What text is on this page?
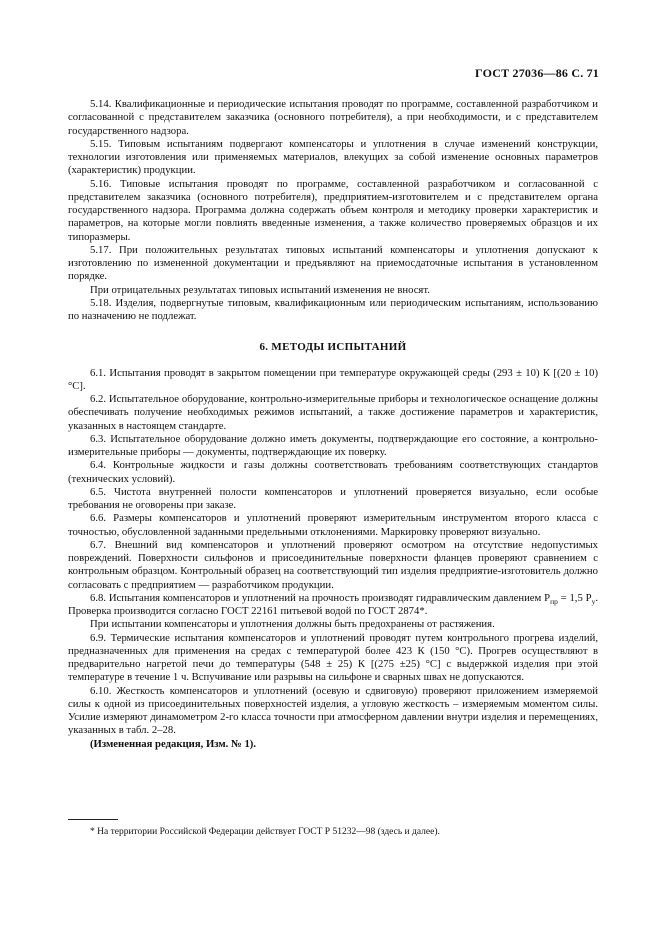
ГОСТ 27036—86 С. 71

5.14. Квалификационные и периодические испытания проводят по программе, составленной разработчиком и согласованной с представителем заказчика (основного потребителя), а при необходимости, и с представителем государственного надзора.

5.15. Типовым испытаниям подвергают компенсаторы и уплотнения в случае изменений конструкции, технологии изготовления или применяемых материалов, влекущих за собой изменение основных параметров (характеристик) продукции.

5.16. Типовые испытания проводят по программе, составленной разработчиком и согласованной с представителем заказчика (основного потребителя), предприятием-изготовителем и с представителем органа государственного надзора. Программа должна содержать объем контроля и методику проверки характеристик и параметров, на которые могли повлиять введенные изменения, а также количество проверяемых образцов и их типоразмеры.

5.17. При положительных результатах типовых испытаний компенсаторы и уплотнения допускают к изготовлению по измененной документации и предъявляют на приемосдаточные испытания в установленном порядке.

При отрицательных результатах типовых испытаний изменения не вносят.

5.18. Изделия, подвергнутые типовым, квалификационным или периодическим испытаниям, использованию по назначению не подлежат.

6. МЕТОДЫ ИСПЫТАНИЙ

6.1. Испытания проводят в закрытом помещении при температуре окружающей среды (293 ± 10) К [(20 ± 10) °С].

6.2. Испытательное оборудование, контрольно-измерительные приборы и технологическое оснащение должны обеспечивать получение необходимых режимов испытаний, а также достижение параметров и характеристик, указанных в настоящем стандарте.

6.3. Испытательное оборудование должно иметь документы, подтверждающие его состояние, а контрольно-измерительные приборы — документы, подтверждающие их поверку.

6.4. Контрольные жидкости и газы должны соответствовать требованиям соответствующих стандартов (технических условий).

6.5. Чистота внутренней полости компенсаторов и уплотнений проверяется визуально, если особые требования не оговорены при заказе.

6.6. Размеры компенсаторов и уплотнений проверяют измерительным инструментом второго класса с точностью, обусловленной заданными предельными отклонениями. Маркировку проверяют визуально.

6.7. Внешний вид компенсаторов и уплотнений проверяют осмотром на отсутствие недопустимых повреждений. Поверхности сильфонов и присоединительные поверхности фланцев проверяют сравнением с контрольным образцом. Контрольный образец на соответствующий тип изделия предприятие-изготовитель должно согласовать с предприятием — разработчиком продукции.

6.8. Испытания компенсаторов и уплотнений на прочность производят гидравлическим давлением $P_{пр} = 1,5$ $P_y$. Проверка производится согласно ГОСТ 22161 питьевой водой по ГОСТ 2874*.

При испытании компенсаторы и уплотнения должны быть предохранены от растяжения.

6.9. Термические испытания компенсаторов и уплотнений проводят путем контрольного прогрева изделий, предназначенных для применения на средах с температурой более 423 К (150 °С). Прогрев осуществляют в предварительно нагретой печи до температуры (548 ± 25) К [(275 ±25) °С] с выдержкой изделия при этой температуре в течение 1 ч. Вспучивание или разрывы на сильфоне и сварных швах не допускаются.

6.10. Жесткость компенсаторов и уплотнений (осевую и сдвиговую) проверяют приложением измеряемой силы к одной из присоединительных поверхностей изделия, а угловую жесткость – измеряемым моментом силы. Усилие измеряют динамометром 2-го класса точности при атмосферном давлении внутри изделия и перемещениях, указанных в табл. 2–28.

(Измененная редакция, Изм. № 1).

* На территории Российской Федерации действует ГОСТ Р 51232—98 (здесь и далее).
